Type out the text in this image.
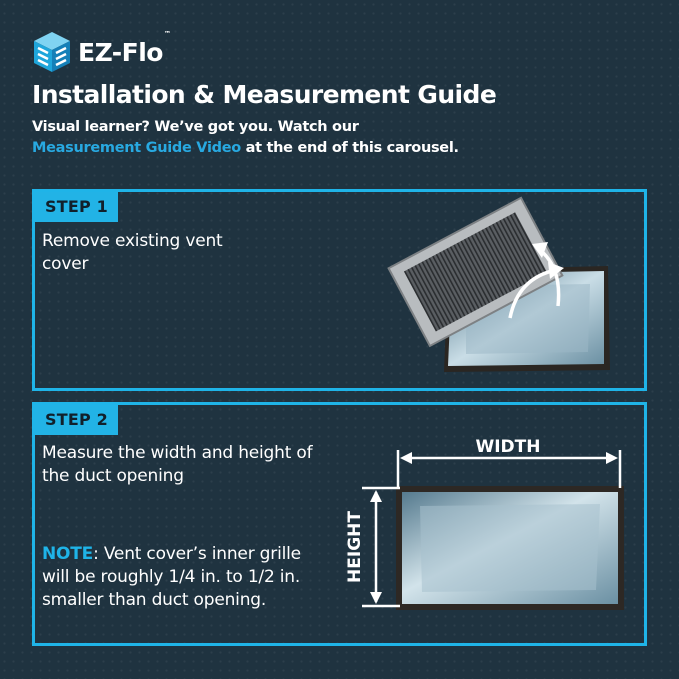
EZ-Flo™
Installation & Measurement Guide
Visual learner? We’ve got you. Watch our
Measurement Guide Video at the end of this carousel.
STEP 1
Remove existing vent cover
STEP 2
Measure the width and height of the duct opening
NOTE: Vent cover’s inner grille will be roughly 1/4 in. to 1/2 in. smaller than duct opening.
WIDTH
HEIGHT
